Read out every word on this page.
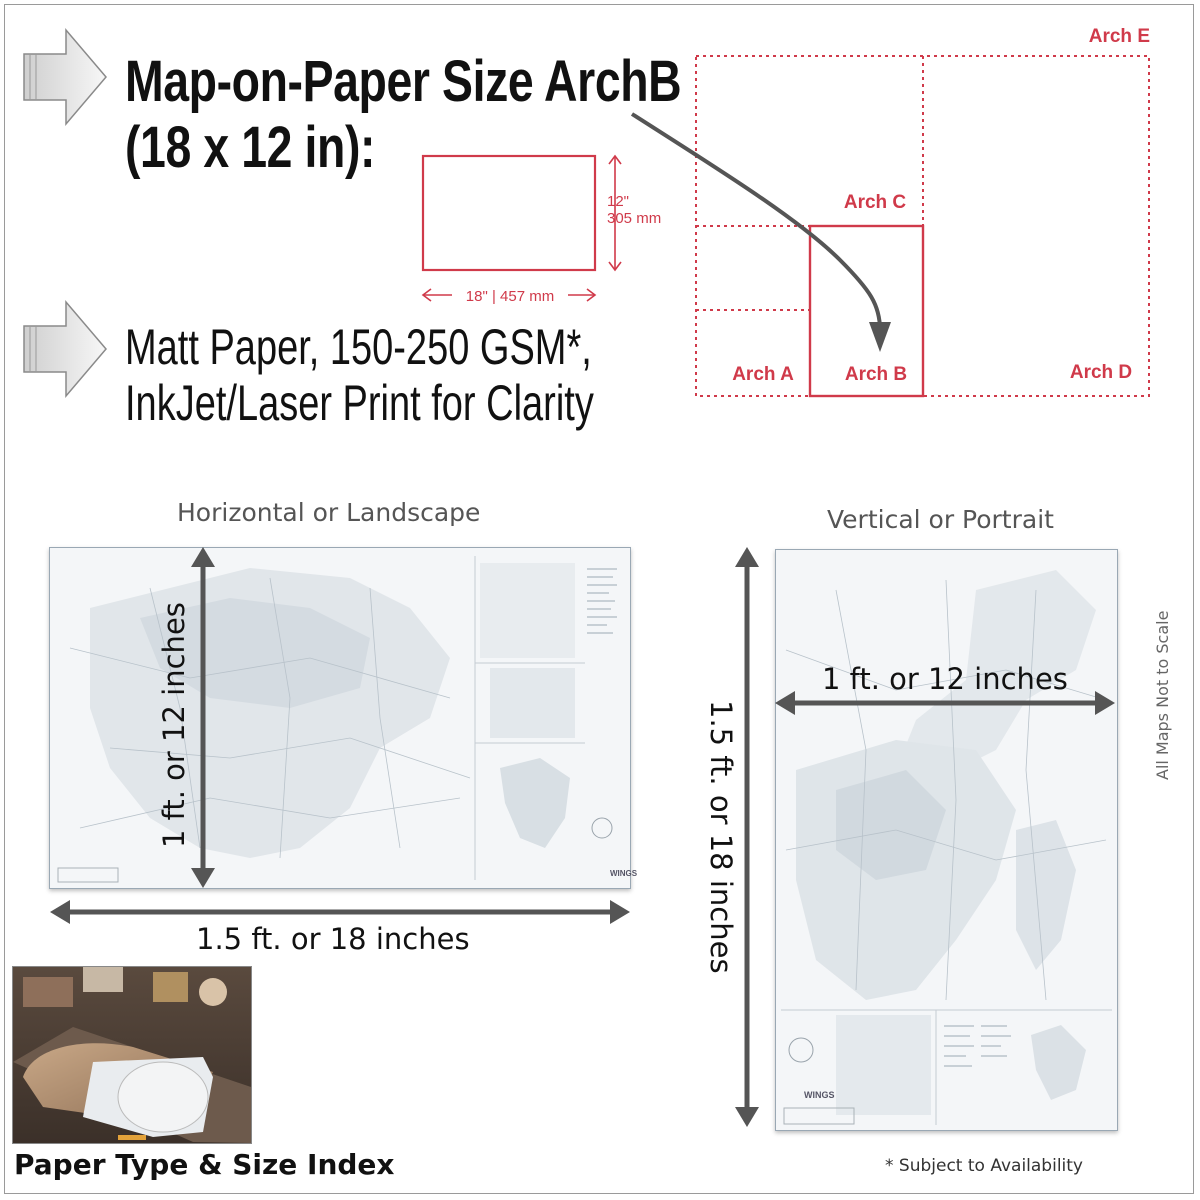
Map-on-Paper Size ArchB
(18 x 12 in):
Matt Paper, 150-250 GSM*,
InkJet/Laser Print for Clarity
18" | 457 mm
12"
305 mm
Arch E
Arch C
Arch A	Arch B	Arch D
Horizontal or Landscape	Vertical or Portrait
WINGS
1 ft. or 12 inches
1.5 ft. or 18 inches
WINGS
1 ft. or 12 inches
1.5 ft. or 18 inches
All Maps Not to Scale
Paper Type & Size Index	* Subject to Availability
